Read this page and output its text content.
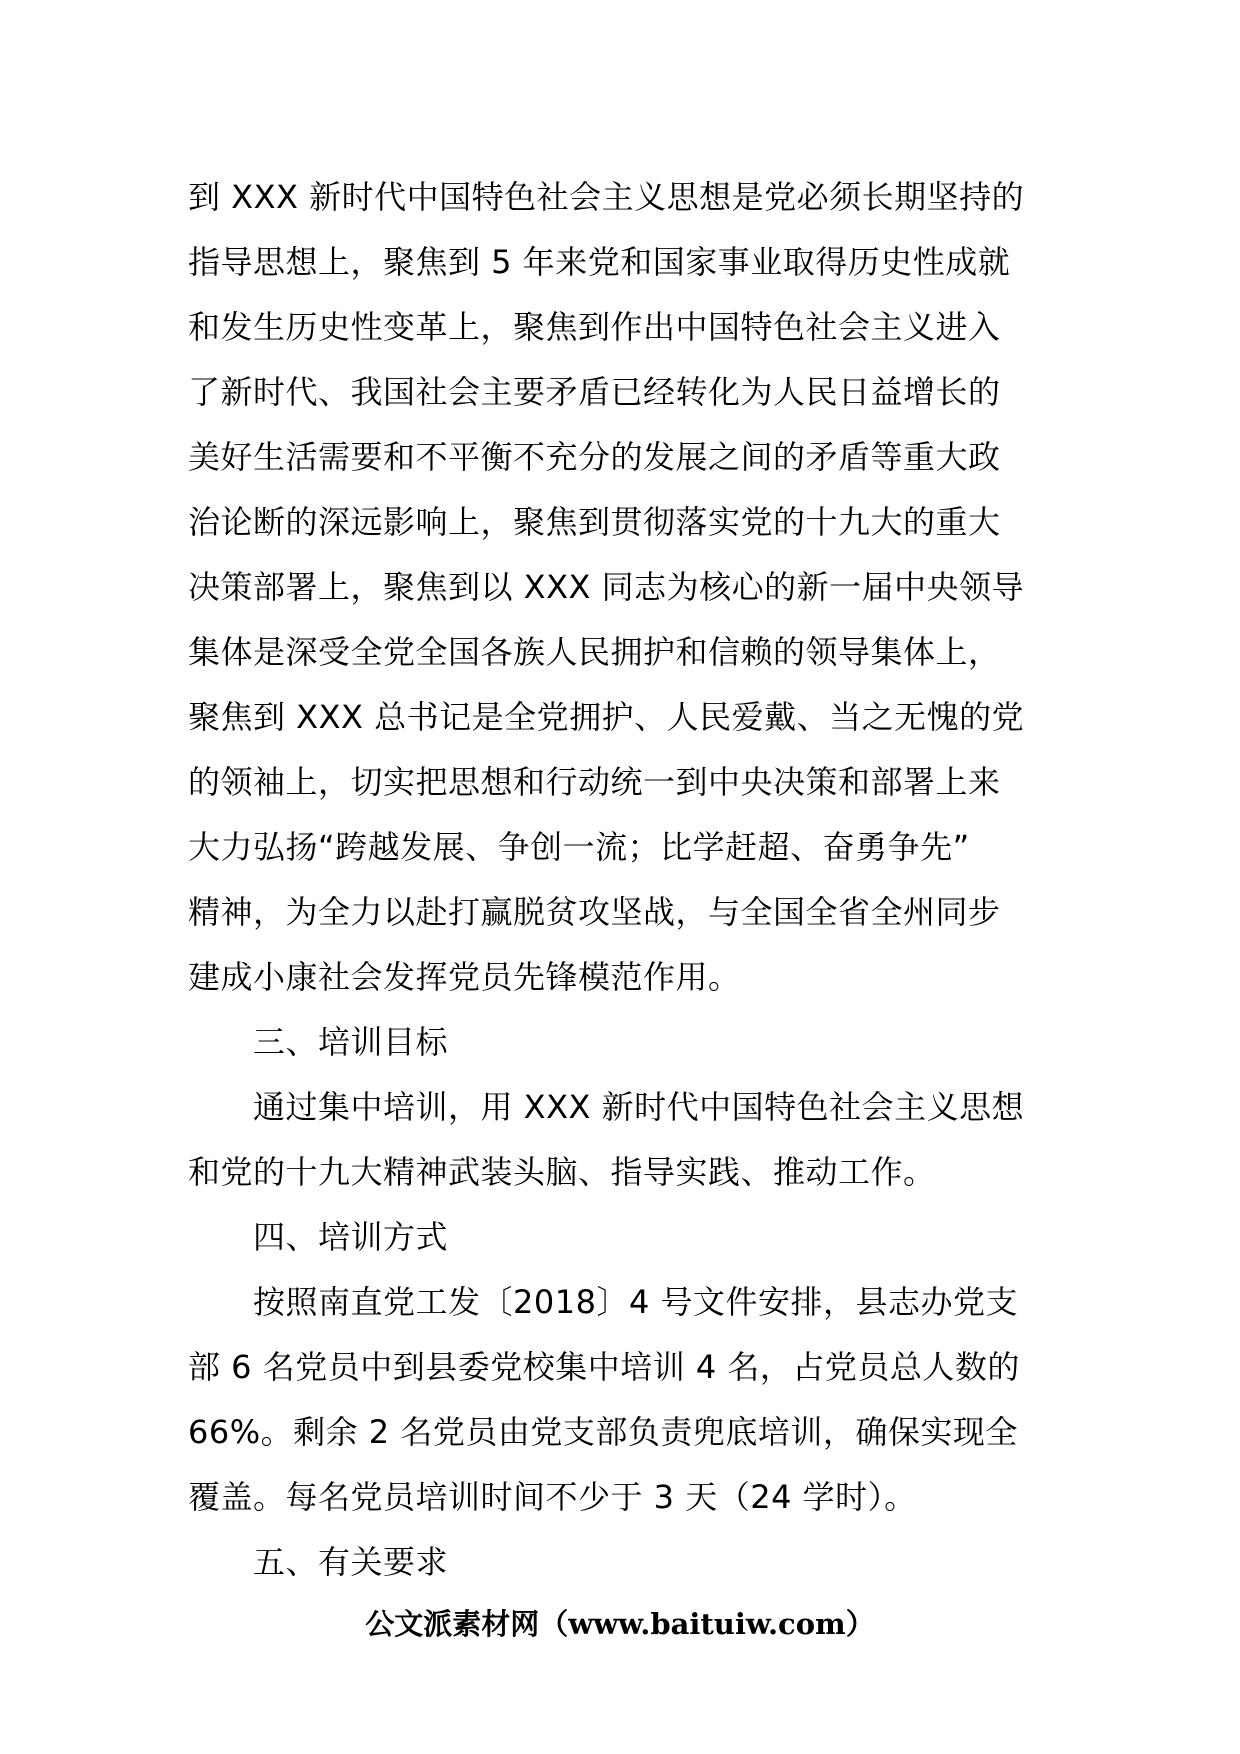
到 XXX 新时代中国特色社会主义思想是党必须长期坚持的
指导思想上，聚焦到 5 年来党和国家事业取得历史性成就
和发生历史性变革上，聚焦到作出中国特色社会主义进入
了新时代、我国社会主要矛盾已经转化为人民日益增长的
美好生活需要和不平衡不充分的发展之间的矛盾等重大政
治论断的深远影响上，聚焦到贯彻落实党的十九大的重大
决策部署上，聚焦到以 XXX 同志为核心的新一届中央领导
集体是深受全党全国各族人民拥护和信赖的领导集体上，
聚焦到 XXX 总书记是全党拥护、人民爱戴、当之无愧的党
的领袖上，切实把思想和行动统一到中央决策和部署上来
大力弘扬“跨越发展、争创一流；比学赶超、奋勇争先”
精神，为全力以赴打赢脱贫攻坚战，与全国全省全州同步
建成小康社会发挥党员先锋模范作用。
三、培训目标
通过集中培训，用 XXX 新时代中国特色社会主义思想
和党的十九大精神武装头脑、指导实践、推动工作。
四、培训方式
按照南直党工发〔2018〕4 号文件安排，县志办党支
部 6 名党员中到县委党校集中培训 4 名，占党员总人数的
66%。剩余 2 名党员由党支部负责兜底培训，确保实现全
覆盖。每名党员培训时间不少于 3 天（24 学时）。
五、有关要求
公文派素材网（www.baituiw.com）
